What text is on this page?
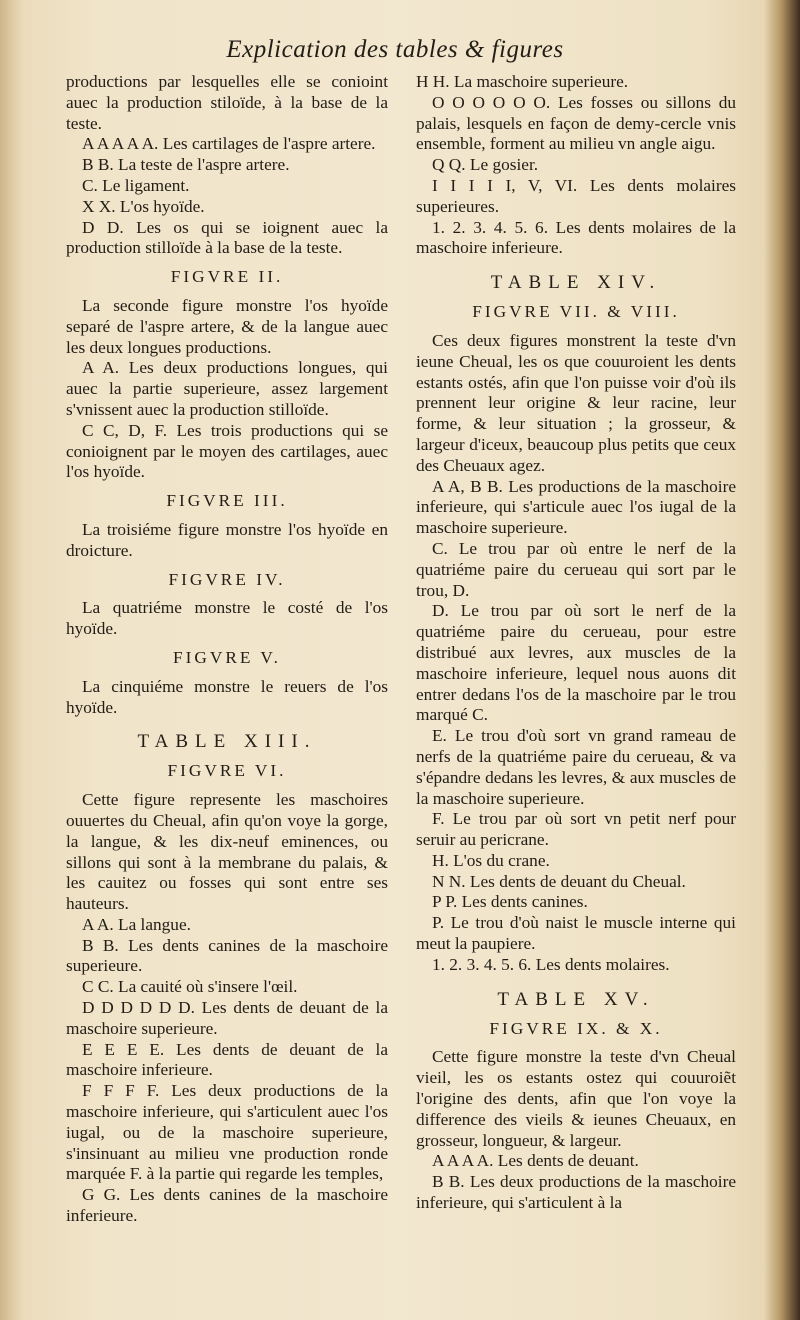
Explication des tables & figures

productions par lesquelles elle se conioint auec la production stiloïde, à la base de la teste.

A A A A A. Les cartilages de l'aspre artere.

B B. La teste de l'aspre artere.

C. Le ligament.

X X. L'os hyoïde.

D D. Les os qui se ioignent auec la production stilloïde à la base de la teste.

FIGVRE II.

La seconde figure monstre l'os hyoïde separé de l'aspre artere, & de la langue auec les deux longues productions.

A A. Les deux productions longues, qui auec la partie superieure, assez largement s'vnissent auec la production stilloïde.

C C, D, F. Les trois productions qui se conioignent par le moyen des cartilages, auec l'os hyoïde.

FIGVRE III.

La troisiéme figure monstre l'os hyoïde en droicture.

FIGVRE IV.

La quatriéme monstre le costé de l'os hyoïde.

FIGVRE V.

La cinquiéme monstre le reuers de l'os hyoïde.

TABLE XIII.

FIGVRE VI.

Cette figure represente les maschoires ouuertes du Cheual, afin qu'on voye la gorge, la langue, & les dix-neuf eminences, ou sillons qui sont à la membrane du palais, & les cauitez ou fosses qui sont entre ses hauteurs.

A A. La langue.

B B. Les dents canines de la maschoire superieure.

C C. La cauité où s'insere l'œil.

D D D D D D. Les dents de deuant de la maschoire superieure.

E E E E. Les dents de deuant de la maschoire inferieure.

F F F F. Les deux productions de la maschoire inferieure, qui s'articulent auec l'os iugal, ou de la maschoire superieure, s'insinuant au milieu vne production ronde marquée F. à la partie qui regarde les temples,

G G. Les dents canines de la maschoire inferieure.

H H. La maschoire superieure.

O O O O O O. Les fosses ou sillons du palais, lesquels en façon de demy-cercle vnis ensemble, forment au milieu vn angle aigu.

Q Q. Le gosier.

I I I I I, V, VI. Les dents molaires superieures.

1. 2. 3. 4. 5. 6. Les dents molaires de la maschoire inferieure.

TABLE XIV.

FIGVRE VII. & VIII.

Ces deux figures monstrent la teste d'vn ieune Cheual, les os que couuroient les dents estants ostés, afin que l'on puisse voir d'où ils prennent leur origine & leur racine, leur forme, & leur situation ; la grosseur, & largeur d'iceux, beaucoup plus petits que ceux des Cheuaux agez.

A A, B B. Les productions de la maschoire inferieure, qui s'articule auec l'os iugal de la maschoire superieure.

C. Le trou par où entre le nerf de la quatriéme paire du cerueau qui sort par le trou, D.

D. Le trou par où sort le nerf de la quatriéme paire du cerueau, pour estre distribué aux levres, aux muscles de la maschoire inferieure, lequel nous auons dit entrer dedans l'os de la maschoire par le trou marqué C.

E. Le trou d'où sort vn grand rameau de nerfs de la quatriéme paire du cerueau, & va s'épandre dedans les levres, & aux muscles de la maschoire superieure.

F. Le trou par où sort vn petit nerf pour seruir au pericrane.

H. L'os du crane.

N N. Les dents de deuant du Cheual.

P P. Les dents canines.

P. Le trou d'où naist le muscle interne qui meut la paupiere.

1. 2. 3. 4. 5. 6. Les dents molaires.

TABLE XV.

FIGVRE IX. & X.

Cette figure monstre la teste d'vn Cheual vieil, les os estants ostez qui couuroiẽt l'origine des dents, afin que l'on voye la difference des vieils & ieunes Cheuaux, en grosseur, longueur, & largeur.

A A A A. Les dents de deuant.

B B. Les deux productions de la maschoire inferieure, qui s'articulent à la
